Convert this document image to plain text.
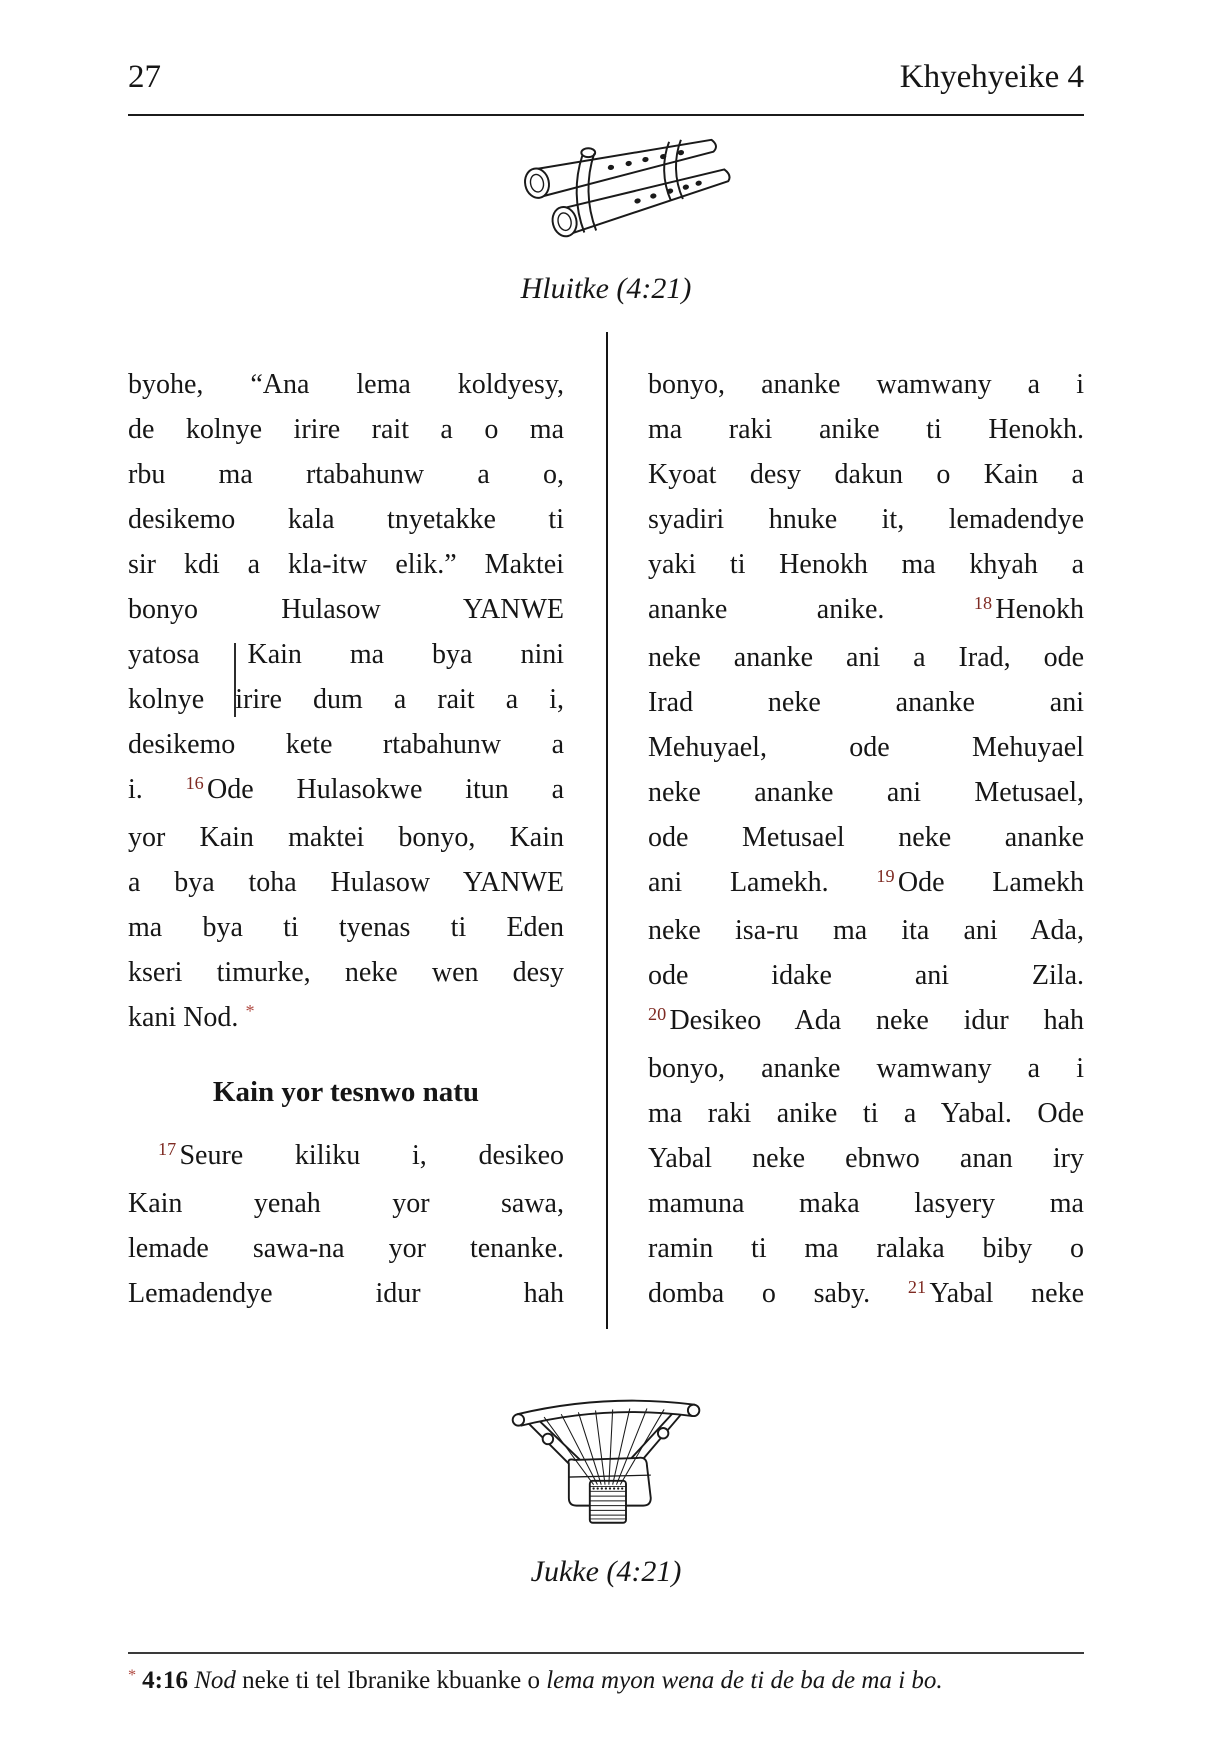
27	Khyehyeike 4
Hluitke (4:21)
byohe, “Ana lema koldyesy,
de kolnye irire rait a o ma
rbu ma rtabahunw a o,
desikemo kala tnyetakke ti
sir kdi a kla-itw elik.” Maktei
bonyo Hulasow YANWE
yatosa Kain ma bya nini
kolnye irire dum a rait a i,
desikemo kete rtabahunw a
i. $^{16}$ Ode Hulasokwe itun a
yor Kain maktei bonyo, Kain
a bya toha Hulasow YANWE
ma bya ti tyenas ti Eden
kseri timurke, neke wen desy
kani Nod. *
Kain yor tesnwo natu
$^{17}$ Seure kiliku i, desikeo
Kain yenah yor sawa,
lemade sawa-na yor tenanke.
Lemadendye idur hah
bonyo, ananke wamwany a i
ma raki anike ti Henokh.
Kyoat desy dakun o Kain a
syadiri hnuke it, lemadendye
yaki ti Henokh ma khyah a
ananke anike. $^{18}$ Henokh
neke ananke ani a Irad, ode
Irad neke ananke ani
Mehuyael, ode Mehuyael
neke ananke ani Metusael,
ode Metusael neke ananke
ani Lamekh. $^{19}$ Ode Lamekh
neke isa-ru ma ita ani Ada,
ode idake ani Zila.
$^{20}$ Desikeo Ada neke idur hah
bonyo, ananke wamwany a i
ma raki anike ti a Yabal. Ode
Yabal neke ebnwo anan iry
mamuna maka lasyery ma
ramin ti ma ralaka biby o
domba o saby. $^{21}$ Yabal neke
Jukke (4:21)
* 4:16 Nod neke ti tel Ibranike kbuanke o lema myon wena de ti de ba de ma i bo.
